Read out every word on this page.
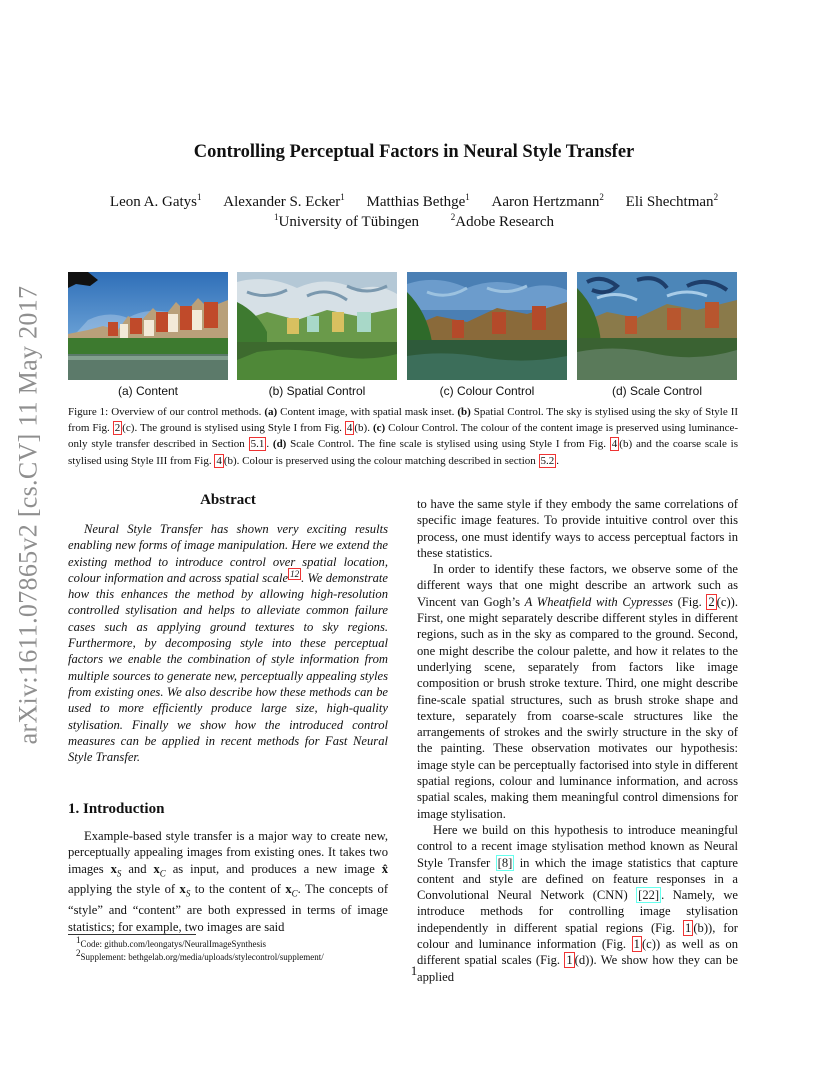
Controlling Perceptual Factors in Neural Style Transfer
Leon A. Gatys$^1$ Alexander S. Ecker$^1$ Matthias Bethge$^1$ Aaron Hertzmann$^2$ Eli Shechtman$^2$
$^1$University of Tübingen	$^2$Adobe Research
arXiv:1611.07865v2 [cs.CV] 11 May 2017	(a) Content	(b) Spatial Control	(c) Colour Control	(d) Scale Control
Figure 1: Overview of our control methods. (a) Content image, with spatial mask inset. (b) Spatial Control. The sky is stylised using the sky of Style II from Fig. 2 (c). The ground is stylised using Style I from Fig. 4 (b). (c) Colour Control. The colour of the content image is preserved using luminance-only style transfer described in Section 5.1 . (d) Scale Control. The fine scale is stylised using using Style I from Fig. 4 (b) and the coarse scale is stylised using Style III from Fig. 4 (b). Colour is preserved using the colour matching described in section 5.2 .
Abstract
Neural Style Transfer has shown very exciting results enabling new forms of image manipulation. Here we extend the existing method to introduce control over spatial location, colour information and across spatial scale $^{12}$ . We demonstrate how this enhances the method by allowing high-resolution controlled stylisation and helps to alleviate common failure cases such as applying ground textures to sky regions. Furthermore, by decomposing style into these perceptual factors we enable the combination of style information from multiple sources to generate new, perceptually appealing styles from existing ones. We also describe how these methods can be used to more efficiently produce large size, high-quality stylisation. Finally we show how the introduced control measures can be applied in recent methods for Fast Neural Style Transfer.
1. Introduction
Example-based style transfer is a major way to create new, perceptually appealing images from existing ones. It takes two images $x_S$ and $x_C$ as input, and produces a new image x̂ applying the style of $x_S$ to the content of $x_C$. The concepts of “style” and “content” are both expressed in terms of image statistics; for example, two images are said
$^1$Code: github.com/leongatys/NeuralImageSynthesis
$^2$Supplement: bethgelab.org/media/uploads/stylecontrol/supplement/

to have the same style if they embody the same correlations of specific image features. To provide intuitive control over this process, one must identify ways to access perceptual factors in these statistics.

In order to identify these factors, we observe some of the different ways that one might describe an artwork such as Vincent van Gogh’s A Wheatfield with Cypresses (Fig. 2 (c)). First, one might separately describe different styles in different regions, such as in the sky as compared to the ground. Second, one might describe the colour palette, and how it relates to the underlying scene, separately from factors like image composition or brush stroke texture. Third, one might describe fine-scale spatial structures, such as brush stroke shape and texture, separately from coarse-scale structures like the arrangements of strokes and the swirly structure in the sky of the painting. These observation motivates our hypothesis: image style can be perceptually factorised into style in different spatial regions, colour and luminance information, and across spatial scales, making them meaningful control dimensions for image stylisation.

Here we build on this hypothesis to introduce meaningful control to a recent image stylisation method known as Neural Style Transfer [8] in which the image statistics that capture content and style are defined on feature responses in a Convolutional Neural Network (CNN) [22] . Namely, we introduce methods for controlling image stylisation independently in different spatial regions (Fig. 1 (b)), for colour and luminance information (Fig. 1 (c)) as well as on different spatial scales (Fig. 1 (d)). We show how they can be applied

1
